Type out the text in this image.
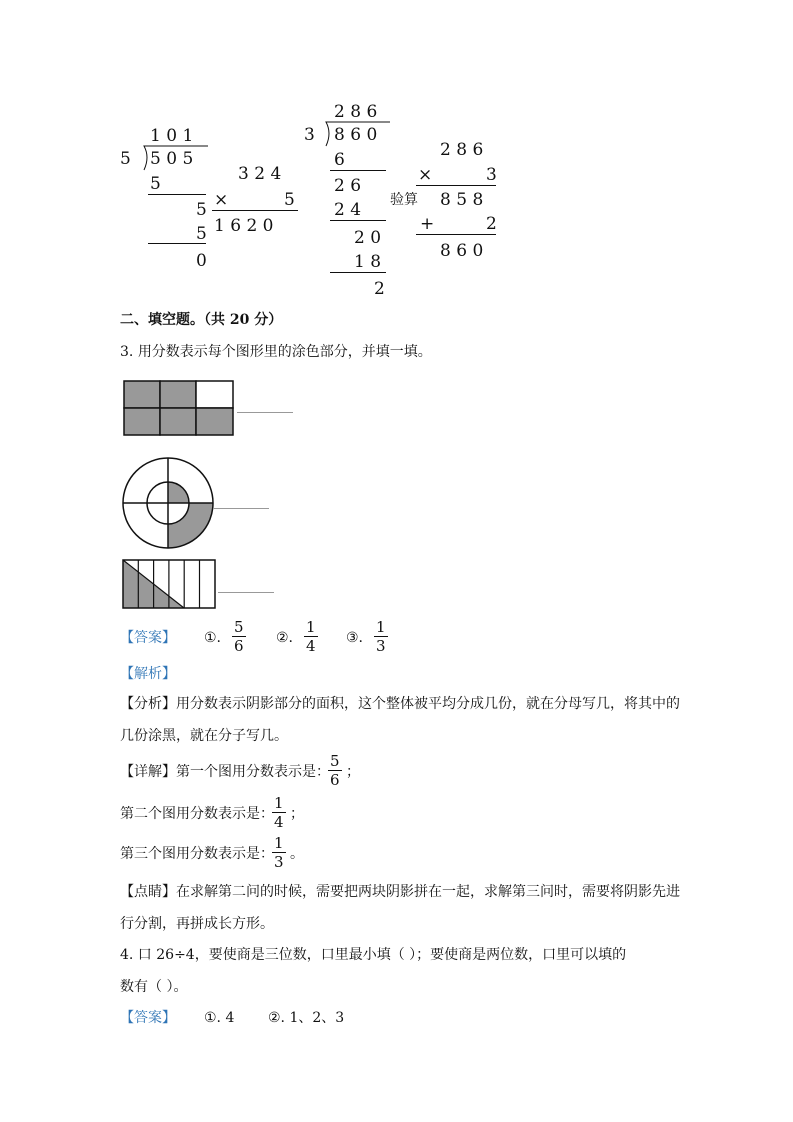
1 0 1
5 5 0 5
5
5
5
0
3 2 4
×	5
1 6 2 0
2 8 6
3 8 6 0
6
2 6
2 4
2 0
1 8
2
验算
2 8 6
×	3
8 5 8
+	2
8 6 0
二、填空题。（共 20 分）
3. 用分数表示每个图形里的涂色部分，并填一填。
【答案】 ①. $\frac{5}{6}$ ②. $\frac{1}{4}$ ③. $\frac{1}{3}$
【解析】
【分析】用分数表示阴影部分的面积，这个整体被平均分成几份，就在分母写几，将其中的
几份涂黑，就在分子写几。
【详解】第一个图用分数表示是：
$\frac{5}{6}$ ；
第二个图用分数表示是：
$\frac{1}{4}$ ；
第三个图用分数表示是：
$\frac{1}{3}$ 。
【点睛】在求解第二问的时候，需要把两块阴影拼在一起，求解第三问时，需要将阴影先进
行分割，再拼成长方形。
4. 口 26÷4，要使商是三位数，口里最小填（ ）；要使商是两位数，口里可以填的
数有（ ）。
【答案】 ①. 4 ②. 1、2、3
